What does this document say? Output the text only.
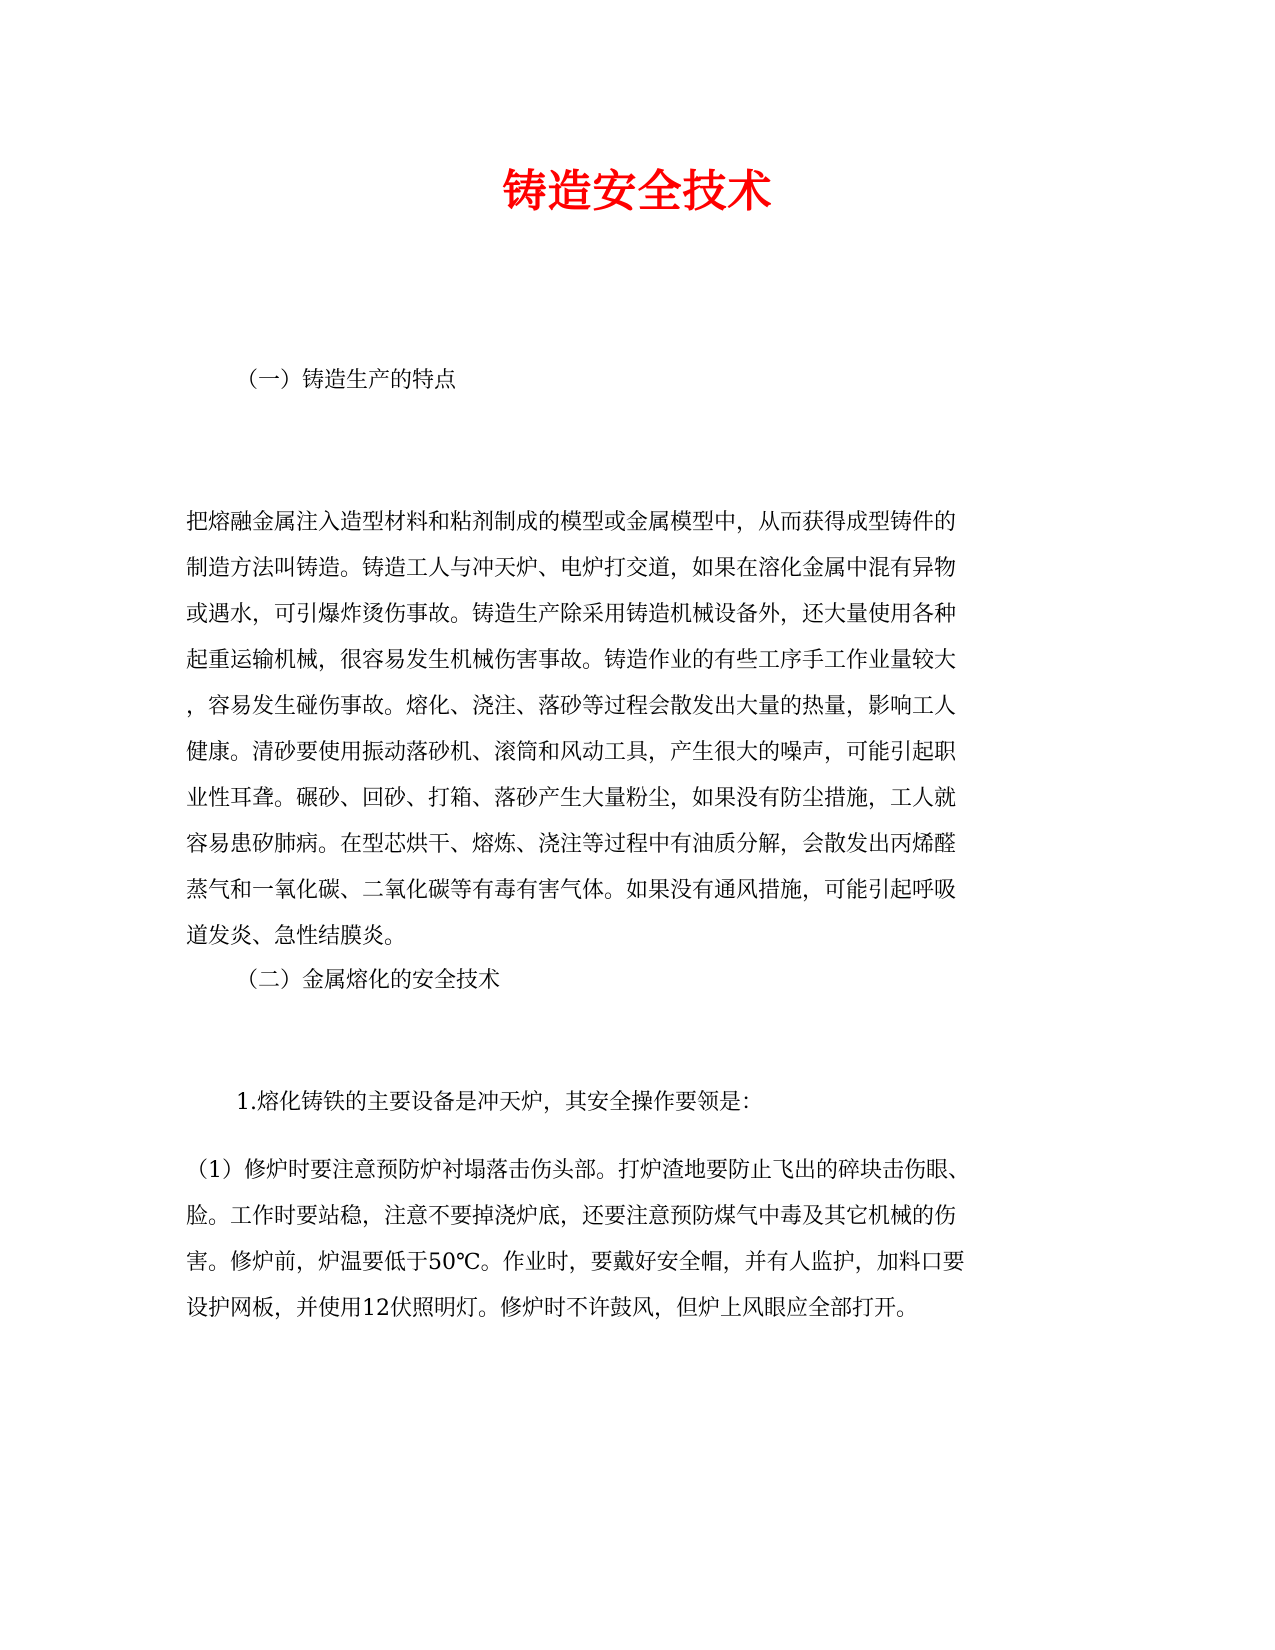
铸造安全技术
（一）铸造生产的特点
把熔融金属注入造型材料和粘剂制成的模型或金属模型中，从而获得成型铸件的
制造方法叫铸造。铸造工人与冲天炉、电炉打交道，如果在溶化金属中混有异物
或遇水，可引爆炸烫伤事故。铸造生产除采用铸造机械设备外，还大量使用各种
起重运输机械，很容易发生机械伤害事故。铸造作业的有些工序手工作业量较大
，容易发生碰伤事故。熔化、浇注、落砂等过程会散发出大量的热量，影响工人
健康。清砂要使用振动落砂机、滚筒和风动工具，产生很大的噪声，可能引起职
业性耳聋。碾砂、回砂、打箱、落砂产生大量粉尘，如果没有防尘措施，工人就
容易患矽肺病。在型芯烘干、熔炼、浇注等过程中有油质分解，会散发出丙烯醛
蒸气和一氧化碳、二氧化碳等有毒有害气体。如果没有通风措施，可能引起呼吸
道发炎、急性结膜炎。
（二）金属熔化的安全技术
1.熔化铸铁的主要设备是冲天炉，其安全操作要领是：
（1）修炉时要注意预防炉衬塌落击伤头部。打炉渣地要防止飞出的碎块击伤眼、
脸。工作时要站稳，注意不要掉浇炉底，还要注意预防煤气中毒及其它机械的伤
害。修炉前，炉温要低于50℃。作业时，要戴好安全帽，并有人监护，加料口要
设护网板，并使用12伏照明灯。修炉时不许鼓风，但炉上风眼应全部打开。
